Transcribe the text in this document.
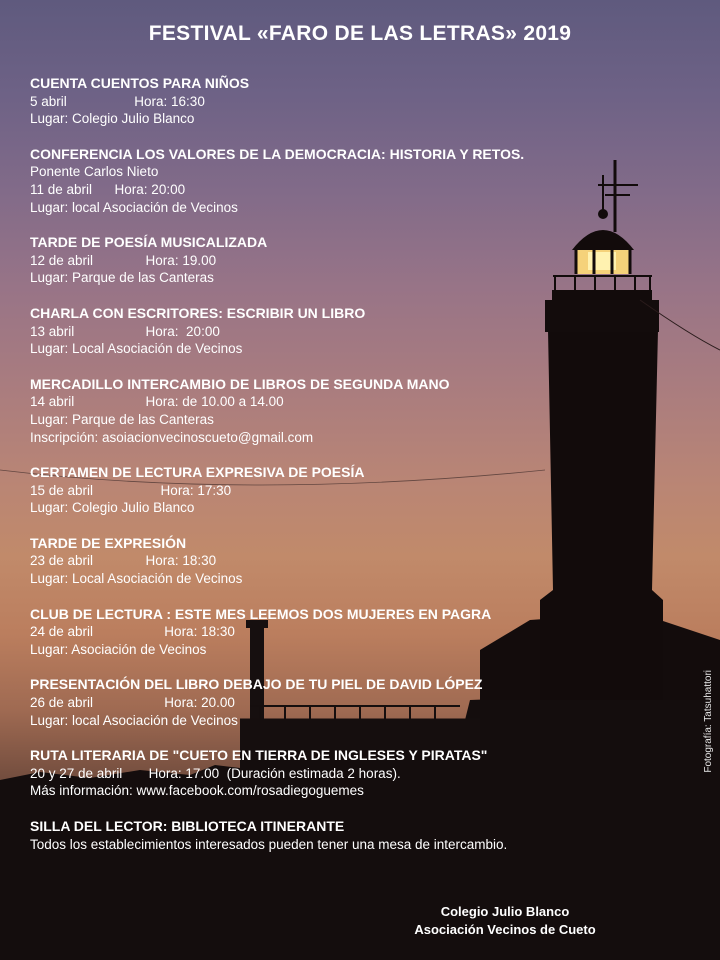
FESTIVAL «FARO DE LAS LETRAS» 2019
CUENTA CUENTOS PARA NIÑOS
5 abril                  Hora: 16:30
Lugar: Colegio Julio Blanco
CONFERENCIA LOS VALORES DE LA DEMOCRACIA: HISTORIA Y RETOS.
Ponente Carlos Nieto
11 de abril      Hora: 20:00
Lugar: local Asociación de Vecinos
TARDE DE POESÍA MUSICALIZADA
12 de abril              Hora: 19.00
Lugar: Parque de las Canteras
CHARLA CON ESCRITORES: ESCRIBIR UN LIBRO
13 abril                   Hora:  20:00
Lugar: Local Asociación de Vecinos
MERCADILLO INTERCAMBIO DE LIBROS DE SEGUNDA MANO
14 abril                   Hora: de 10.00 a 14.00
Lugar: Parque de las Canteras
Inscripción: asoiacionvecinoscueto@gmail.com
CERTAMEN DE LECTURA EXPRESIVA DE POESÍA
15 de abril                  Hora: 17:30
Lugar: Colegio Julio Blanco
TARDE DE EXPRESIÓN
23 de abril              Hora: 18:30
Lugar: Local Asociación de Vecinos
CLUB DE LECTURA : ESTE MES LEEMOS DOS MUJERES EN PAGRA
24 de abril                   Hora: 18:30
Lugar: Asociación de Vecinos
PRESENTACIÓN DEL LIBRO DEBAJO DE TU PIEL DE DAVID LÓPEZ
26 de abril                   Hora: 20.00
Lugar: local Asociación de Vecinos
RUTA LITERARIA DE "CUETO EN TIERRA DE INGLESES Y PIRATAS"
20 y 27 de abril       Hora: 17.00  (Duración estimada 2 horas).
Más información: www.facebook.com/rosadiegoguemes
SILLA DEL LECTOR: BIBLIOTECA ITINERANTE
Todos los establecimientos interesados pueden tener una mesa de intercambio.
Fotografía: Tatsuhattori
Colegio Julio Blanco
Asociación Vecinos de Cueto
